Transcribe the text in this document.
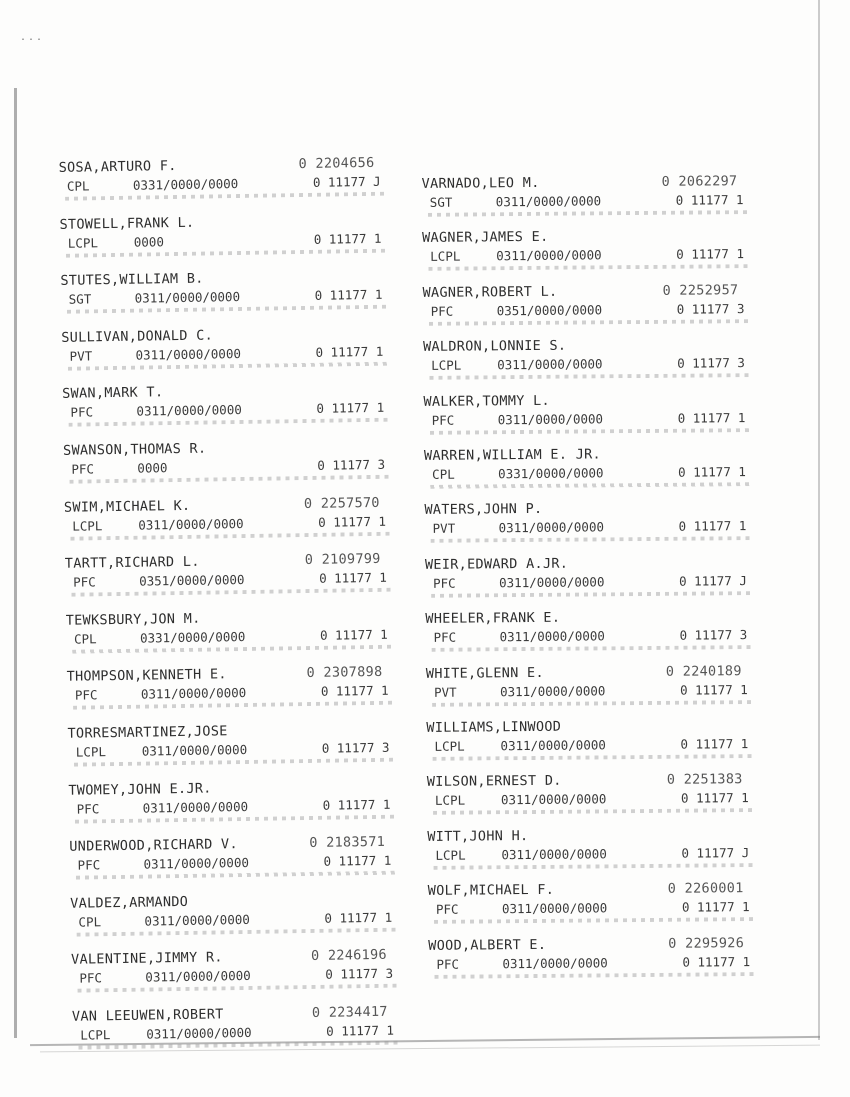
...
SOSA,ARTURO F.	0 2204656
CPL	0331/0000/0000	0 11177 J
STOWELL,FRANK L.
LCPL	0000	0 11177 1
STUTES,WILLIAM B.
SGT	0311/0000/0000	0 11177 1
SULLIVAN,DONALD C.
PVT	0311/0000/0000	0 11177 1
SWAN,MARK T.
PFC	0311/0000/0000	0 11177 1
SWANSON,THOMAS R.
PFC	0000	0 11177 3
SWIM,MICHAEL K.	0 2257570
LCPL	0311/0000/0000	0 11177 1
TARTT,RICHARD L.	0 2109799
PFC	0351/0000/0000	0 11177 1
TEWKSBURY,JON M.
CPL	0331/0000/0000	0 11177 1
THOMPSON,KENNETH E.	0 2307898
PFC	0311/0000/0000	0 11177 1
TORRESMARTINEZ,JOSE
LCPL	0311/0000/0000	0 11177 3
TWOMEY,JOHN E.JR.
PFC	0311/0000/0000	0 11177 1
UNDERWOOD,RICHARD V.	0 2183571
PFC	0311/0000/0000	0 11177 1
VALDEZ,ARMANDO
CPL	0311/0000/0000	0 11177 1
VALENTINE,JIMMY R.	0 2246196
PFC	0311/0000/0000	0 11177 3
VAN LEEUWEN,ROBERT	0 2234417
LCPL	0311/0000/0000	0 11177 1
VARNADO,LEO M.	0 2062297
SGT	0311/0000/0000	0 11177 1
WAGNER,JAMES E.
LCPL	0311/0000/0000	0 11177 1
WAGNER,ROBERT L.	0 2252957
PFC	0351/0000/0000	0 11177 3
WALDRON,LONNIE S.
LCPL	0311/0000/0000	0 11177 3
WALKER,TOMMY L.
PFC	0311/0000/0000	0 11177 1
WARREN,WILLIAM E. JR.
CPL	0331/0000/0000	0 11177 1
WATERS,JOHN P.
PVT	0311/0000/0000	0 11177 1
WEIR,EDWARD A.JR.
PFC	0311/0000/0000	0 11177 J
WHEELER,FRANK E.
PFC	0311/0000/0000	0 11177 3
WHITE,GLENN E.	0 2240189
PVT	0311/0000/0000	0 11177 1
WILLIAMS,LINWOOD
LCPL	0311/0000/0000	0 11177 1
WILSON,ERNEST D.	0 2251383
LCPL	0311/0000/0000	0 11177 1
WITT,JOHN H.
LCPL	0311/0000/0000	0 11177 J
WOLF,MICHAEL F.	0 2260001
PFC	0311/0000/0000	0 11177 1
WOOD,ALBERT E.	0 2295926
PFC	0311/0000/0000	0 11177 1
